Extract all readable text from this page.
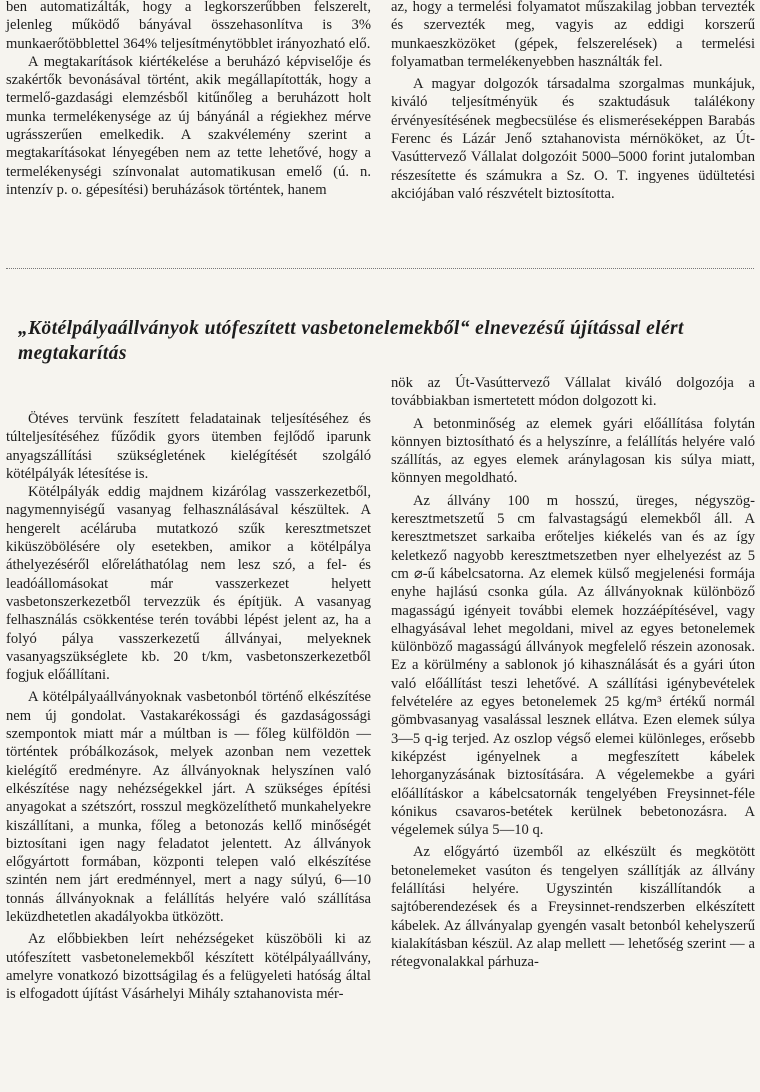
ben automatizálták, hogy a legkorszerűbben felszerelt, jelenleg működő bányával összehasonlítva is 3% munkaerőtöbblettel 364% teljesítménytöbblet irányozható elő.

A megtakarítások kiértékelése a beruházó képviselője és szakértők bevonásával történt, akik megállapították, hogy a termelő-gazdasági elemzésből kitűnőleg a beruházott holt munka termelékenysége az új bányánál a régiekhez mérve ugrásszerűen emelkedik. A szakvélemény szerint a megtakarításokat lényegében nem az tette lehetővé, hogy a termelékenységi színvonalat automatikusan emelő (ú. n. intenzív p. o. gépesítési) beruházások történtek, hanem

az, hogy a termelési folyamatot műszakilag jobban tervezték és szervezték meg, vagyis az eddigi korszerű munkaeszközöket (gépek, felszerelések) a termelési folyamatban termelékenyebben használták fel.

A magyar dolgozók társadalma szorgalmas munkájuk, kiváló teljesítményük és szaktudásuk találékony érvényesítésének megbecsülése és elismeréseképpen Barabás Ferenc és Lázár Jenő sztahanovista mérnököket, az Út-Vasúttervező Vállalat dolgozóit 5000–5000 forint jutalomban részesítette és számukra a Sz. O. T. ingyenes üdültetési akciójában való részvételt biztosította.

„Kötélpályaállványok utófeszített vasbetonelemekből“ elnevezésű újítással elért megtakarítás

Ötéves tervünk feszített feladatainak teljesítéséhez és túlteljesítéséhez fűződik gyors ütemben fejlődő iparunk anyagszállítási szükségletének kielégítését szolgáló kötélpályák létesítése is.

Kötélpályák eddig majdnem kizárólag vasszerkezetből, nagymennyiségű vasanyag felhasználásával készültek. A hengerelt acéláruba mutatkozó szűk keresztmetszet kiküszöbölésére oly esetekben, amikor a kötélpálya áthelyezéséről előreláthatólag nem lesz szó, a fel- és leadóállomásokat már vasszerkezet helyett vasbetonszerkezetből tervezzük és építjük. A vasanyag felhasználás csökkentése terén további lépést jelent az, ha a folyó pálya vasszerkezetű állványai, melyeknek vasanyagszükséglete kb. 20 t/km, vasbetonszerkezetből fogjuk előállítani.

A kötélpályaállványoknak vasbetonból történő elkészítése nem új gondolat. Vastakarékossági és gazdaságossági szempontok miatt már a múltban is — főleg külföldön — történtek próbálkozások, melyek azonban nem vezettek kielégítő eredményre. Az állványoknak helyszínen való elkészítése nagy nehézségekkel járt. A szükséges építési anyagokat a szétszórt, rosszul megközelíthető munkahelyekre kiszállítani, a munka, főleg a betonozás kellő minőségét biztosítani igen nagy feladatot jelentett. Az állványok előgyártott formában, központi telepen való elkészítése szintén nem járt eredménnyel, mert a nagy súlyú, 6—10 tonnás állványoknak a felállítás helyére való szállítása leküzdhetetlen akadályokba ütközött.

Az előbbiekben leírt nehézségeket küszöböli ki az utófeszített vasbetonelemekből készített kötélpályaállvány, amelyre vonatkozó bizottságilag és a felügyeleti hatóság által is elfogadott újítást Vásárhelyi Mihály sztahanovista mér-

nök az Út-Vasúttervező Vállalat kiváló dolgozója a továbbiakban ismertetett módon dolgozott ki.

A betonminőség az elemek gyári előállítása folytán könnyen biztosítható és a helyszínre, a felállítás helyére való szállítás, az egyes elemek aránylagosan kis súlya miatt, könnyen megoldható.

Az állvány 100 m hosszú, üreges, négyszög-keresztmetszetű 5 cm falvastagságú elemekből áll. A keresztmetszet sarkaiba erőteljes kiékelés van és az így keletkező nagyobb keresztmetszetben nyer elhelyezést az 5 cm ⌀-ű kábelcsatorna. Az elemek külső megjelenési formája enyhe hajlású csonka gúla. Az állványoknak különböző magasságú igényeit további elemek hozzáépítésével, vagy elhagyásával lehet megoldani, mivel az egyes betonelemek különböző magasságú állványok megfelelő részein azonosak. Ez a körülmény a sablonok jó kihasználását és a gyári úton való előállítást teszi lehetővé. A szállítási igénybevételek felvételére az egyes betonelemek 25 kg/m³ értékű normál gömbvasanyag vasalással lesznek ellátva. Ezen elemek súlya 3—5 q-ig terjed. Az oszlop végső elemei különleges, erősebb kiképzést igényelnek a megfeszített kábelek lehorganyzásának biztosítására. A végelemekbe a gyári előállításkor a kábelcsatornák tengelyében Freysinnet-féle kónikus csavaros-betétek kerülnek bebetonozásra. A végelemek súlya 5—10 q.

Az előgyártó üzemből az elkészült és megkötött betonelemeket vasúton és tengelyen szállítják az állvány felállítási helyére. Ugyszintén kiszállítandók a sajtóberendezések és a Freysinnet-rendszerben elkészített kábelek. Az állványalap gyengén vasalt betonból kehelyszerű kialakításban készül. Az alap mellett — lehetőség szerint — a rétegvonalakkal párhuza-
